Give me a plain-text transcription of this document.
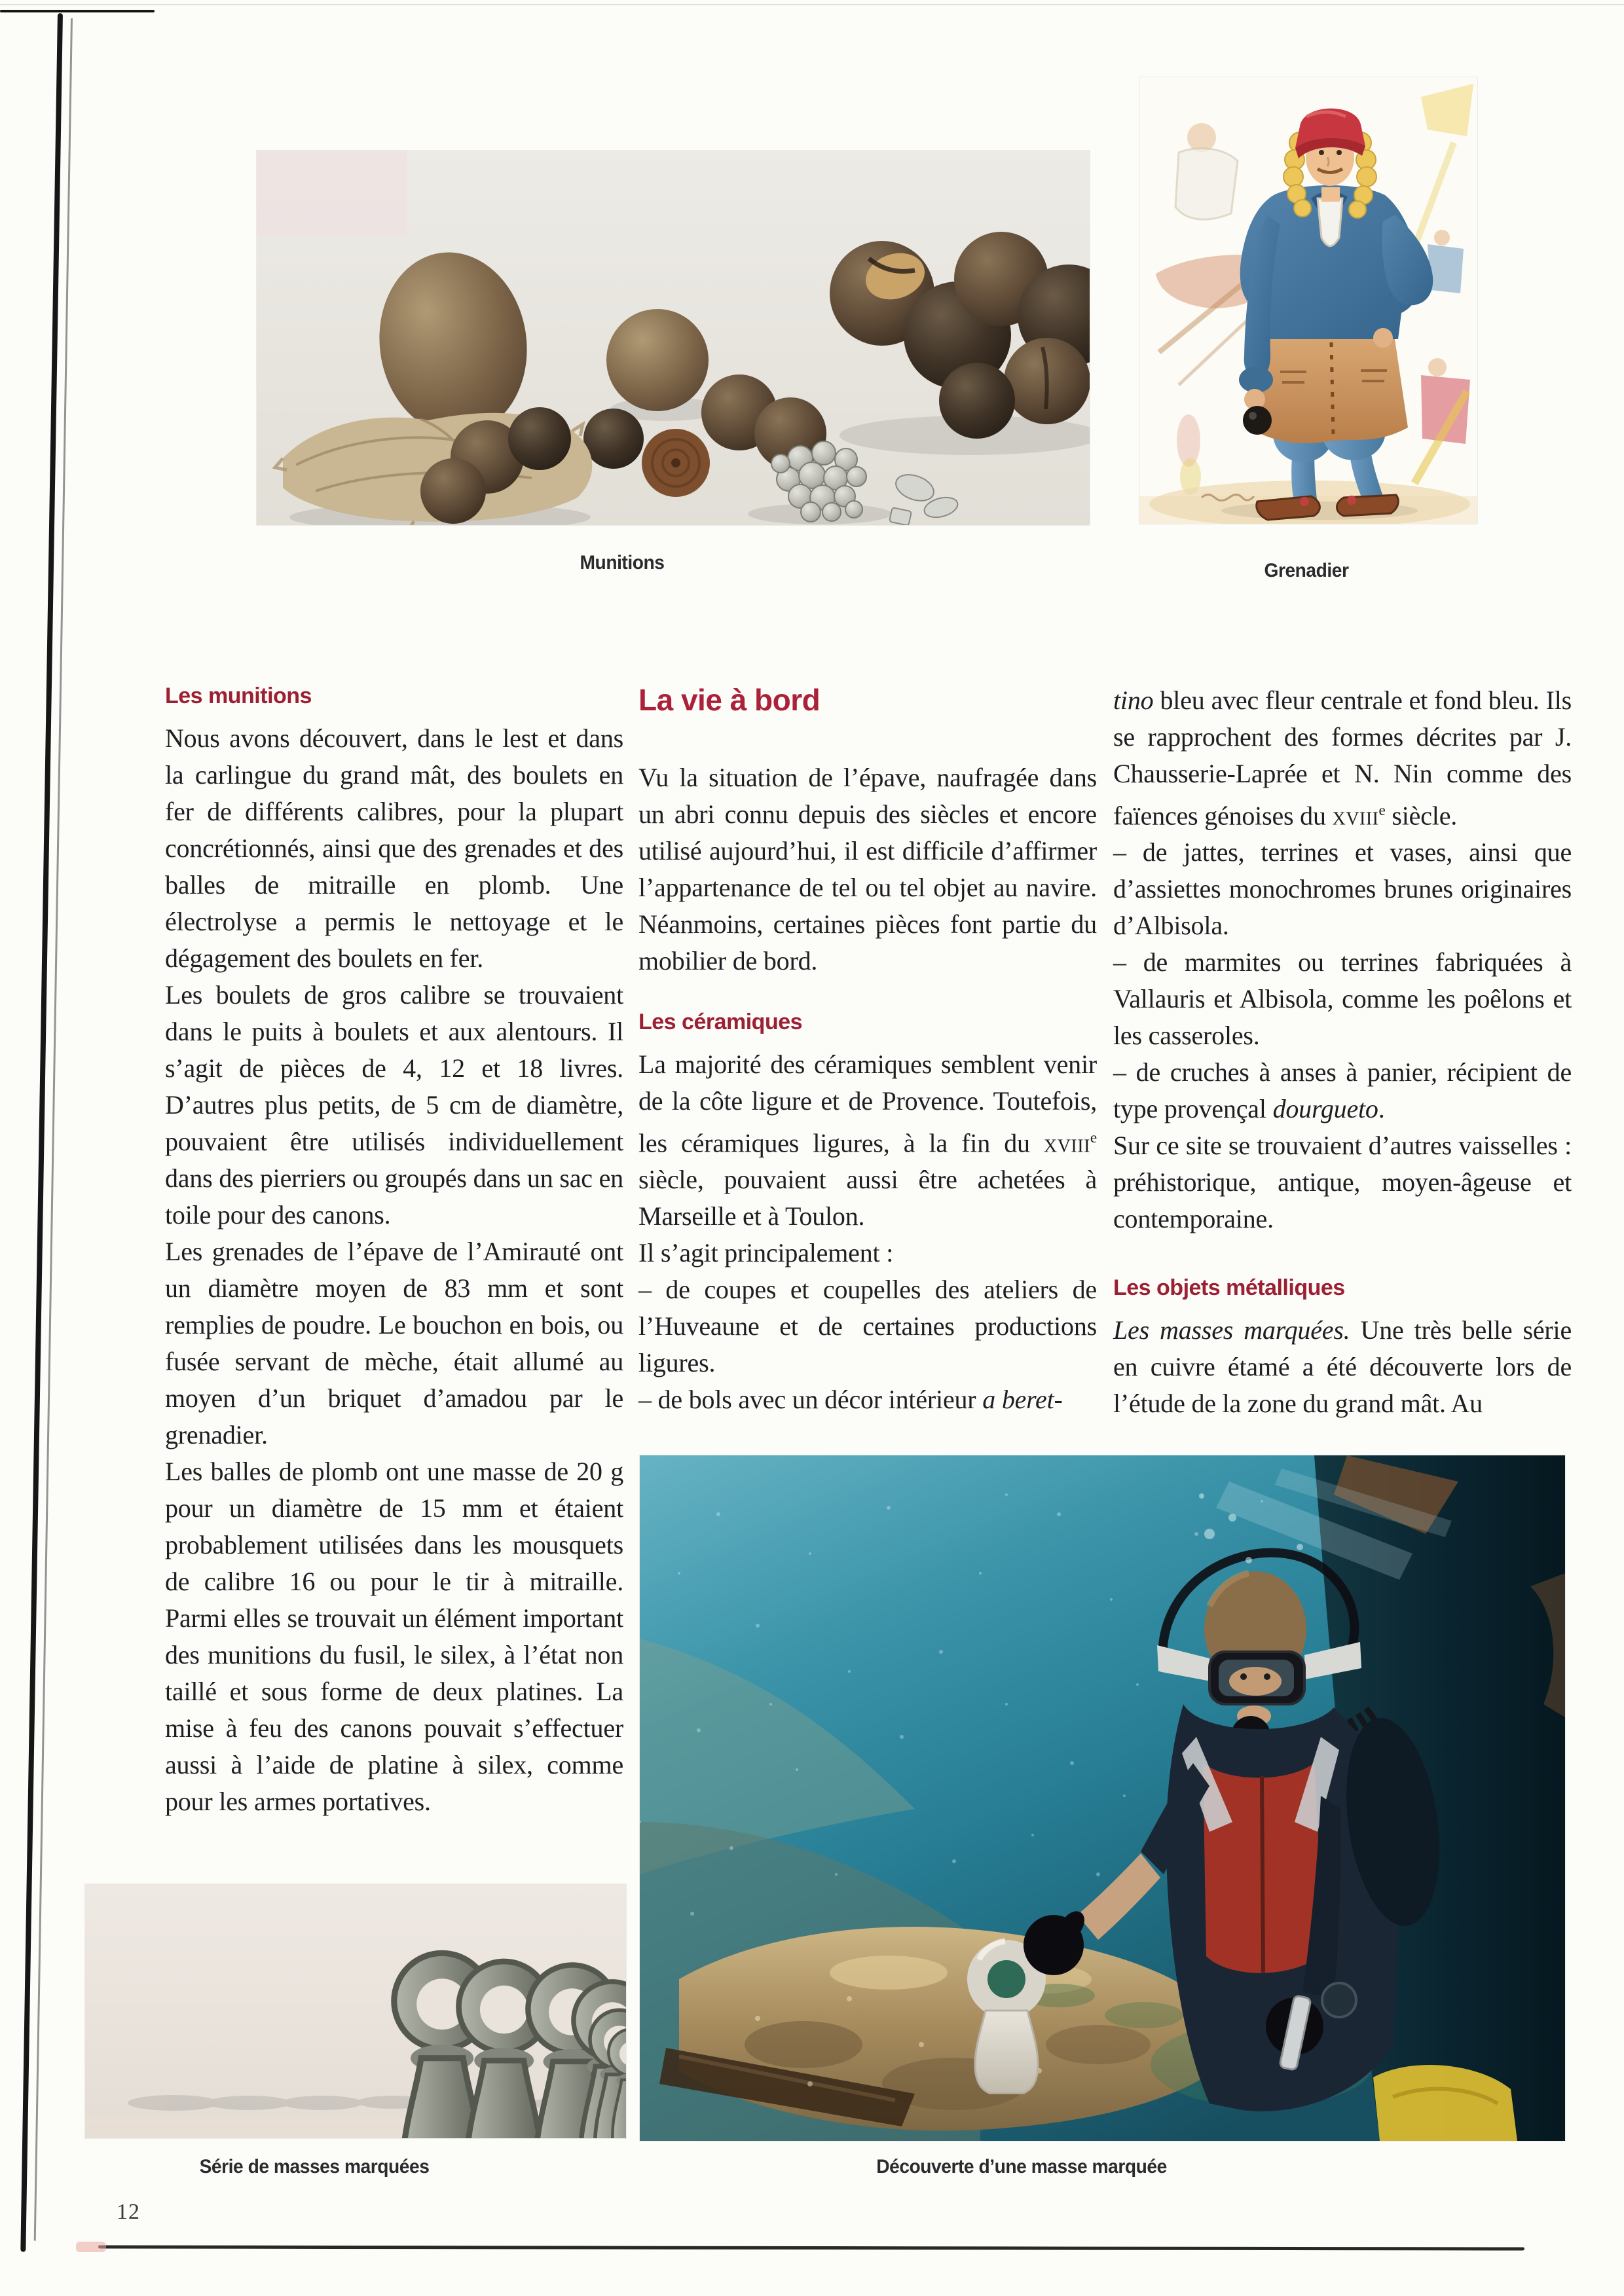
Munitions	Grenadier
Les munitions

Nous avons découvert, dans le lest et dans la carlingue du grand mât, des boulets en fer de différents calibres, pour la plupart concrétionnés, ainsi que des grenades et des balles de mitraille en plomb. Une électrolyse a permis le nettoyage et le dégagement des boulets en fer.

Les boulets de gros calibre se trouvaient dans le puits à boulets et aux alentours. Il s’agit de pièces de 4, 12 et 18 livres. D’autres plus petits, de 5 cm de diamètre, pouvaient être utilisés individuellement dans des pierriers ou groupés dans un sac en toile pour des canons.

Les grenades de l’épave de l’Amirauté ont un diamètre moyen de 83 mm et sont remplies de poudre. Le bouchon en bois, ou fusée servant de mèche, était allumé au moyen d’un briquet d’amadou par le grenadier.

Les balles de plomb ont une masse de 20 g pour un diamètre de 15 mm et étaient probablement utilisées dans les mousquets de calibre 16 ou pour le tir à mitraille. Parmi elles se trouvait un élément important des munitions du fusil, le silex, à l’état non taillé et sous forme de deux platines. La mise à feu des canons pouvait s’effectuer aussi à l’aide de platine à silex, comme pour les armes portatives.

La vie à bord

Vu la situation de l’épave, naufragée dans un abri connu depuis des siècles et encore utilisé aujourd’hui, il est difficile d’affirmer l’appartenance de tel ou tel objet au navire. Néanmoins, certaines pièces font partie du mobilier de bord.

Les céramiques

La majorité des céramiques semblent venir de la côte ligure et de Provence. Toutefois, les céramiques ligures, à la fin du xviii$^e$ siècle, pouvaient aussi être achetées à Marseille et à Toulon.

Il s’agit principalement :

– de coupes et coupelles des ateliers de l’Huveaune et de certaines productions ligures.

– de bols avec un décor intérieur a beret-

tino bleu avec fleur centrale et fond bleu. Ils se rapprochent des formes décrites par J. Chausserie-Laprée et N. Nin comme des faïences génoises du xviii$^e$ siècle.

– de jattes, terrines et vases, ainsi que d’assiettes monochromes brunes originaires d’Albisola.

– de marmites ou terrines fabriquées à Vallauris et Albisola, comme les poêlons et les casseroles.

– de cruches à anses à panier, récipient de type provençal dourgueto.

Sur ce site se trouvaient d’autres vaisselles : préhistorique, antique, moyen-âgeuse et contemporaine.

Les objets métalliques

Les masses marquées. Une très belle série en cuivre étamé a été découverte lors de l’étude de la zone du grand mât. Au

Série de masses marquées	Découverte d’une masse marquée
12
